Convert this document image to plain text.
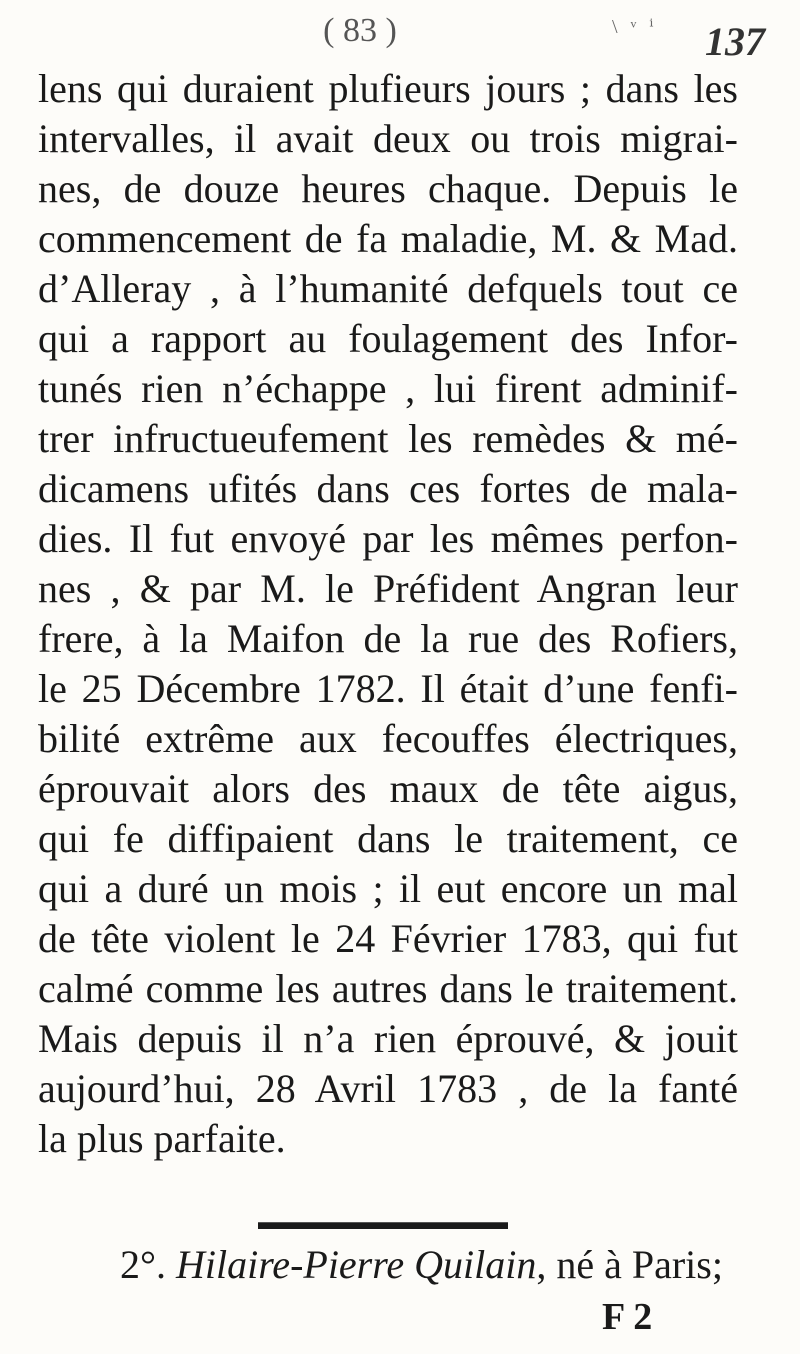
( 83 )	\ ᵛ ⁱ 137
lens qui duraient plufieurs jours ; dans les
intervalles, il avait deux ou trois migrai-
nes, de douze heures chaque. Depuis le
commencement de fa maladie, M. & Mad.
d’Alleray , à l’humanité defquels tout ce
qui a rapport au foulagement des Infor-
tunés rien n’échappe , lui firent adminif-
trer infructueufement les remèdes & mé-
dicamens ufités dans ces fortes de mala-
dies. Il fut envoyé par les mêmes perfon-
nes , & par M. le Préfident Angran leur
frere, à la Maifon de la rue des Rofiers,
le 25 Décembre 1782. Il était d’une fenfi-
bilité extrême aux fecouffes électriques,
éprouvait alors des maux de tête aigus,
qui fe diffipaient dans le traitement, ce
qui a duré un mois ; il eut encore un mal
de tête violent le 24 Février 1783, qui fut
calmé comme les autres dans le traitement.
Mais depuis il n’a rien éprouvé, & jouit
aujourd’hui, 28 Avril 1783 , de la fanté
la plus parfaite.
2°. Hilaire-Pierre Quilain, né à Paris;
F 2
